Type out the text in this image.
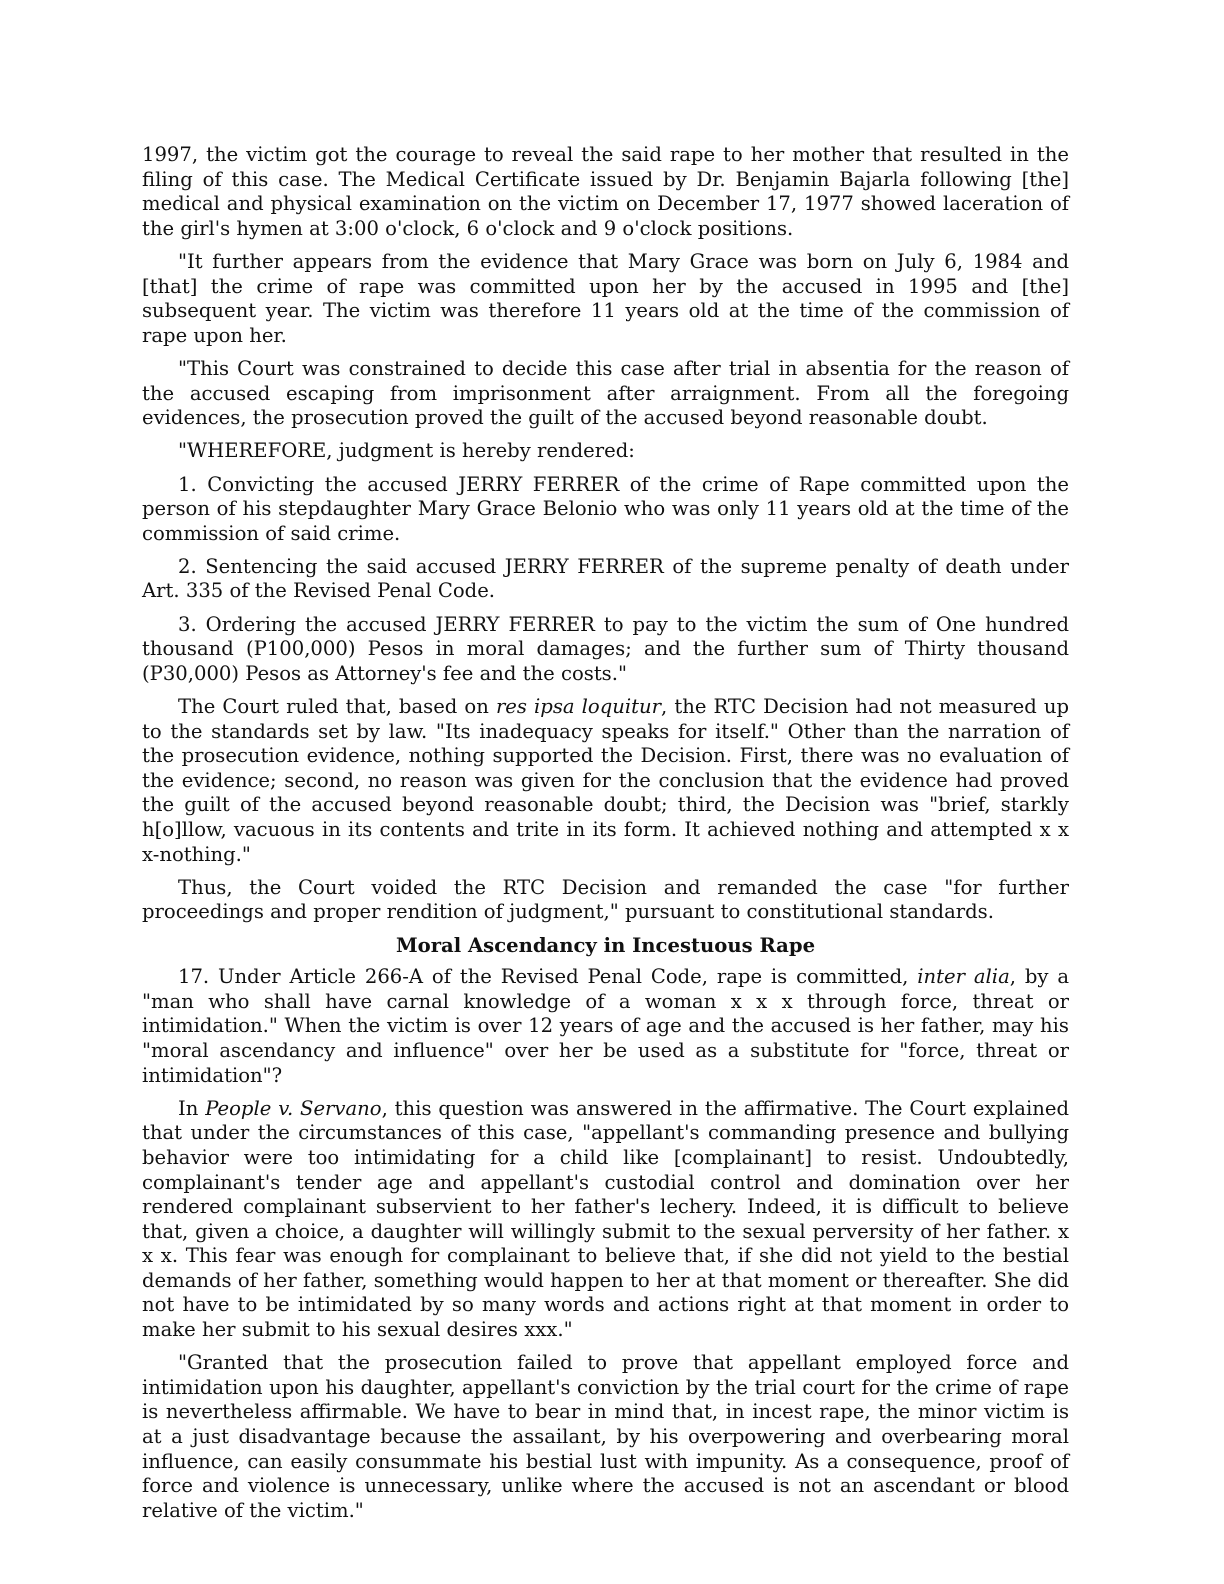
1997, the victim got the courage to reveal the said rape to her mother that resulted in the filing of this case. The Medical Certificate issued by Dr. Benjamin Bajarla following [the] medical and physical examination on the victim on December 17, 1977 showed laceration of the girl's hymen at 3:00 o'clock, 6 o'clock and 9 o'clock positions.

"It further appears from the evidence that Mary Grace was born on July 6, 1984 and [that] the crime of rape was committed upon her by the accused in 1995 and [the] subsequent year. The victim was therefore 11 years old at the time of the commission of rape upon her.

"This Court was constrained to decide this case after trial in absentia for the reason of the accused escaping from imprisonment after arraignment. From all the foregoing evidences, the prosecution proved the guilt of the accused beyond reasonable doubt.

"WHEREFORE, judgment is hereby rendered:

1. Convicting the accused JERRY FERRER of the crime of Rape committed upon the person of his stepdaughter Mary Grace Belonio who was only 11 years old at the time of the commission of said crime.

2. Sentencing the said accused JERRY FERRER of the supreme penalty of death under Art. 335 of the Revised Penal Code.

3. Ordering the accused JERRY FERRER to pay to the victim the sum of One hundred thousand (P100,000) Pesos in moral damages; and the further sum of Thirty thousand (P30,000) Pesos as Attorney's fee and the costs."

The Court ruled that, based on res ipsa loquitur, the RTC Decision had not measured up to the standards set by law. "Its inadequacy speaks for itself." Other than the narration of the prosecution evidence, nothing supported the Decision. First, there was no evaluation of the evidence; second, no reason was given for the conclusion that the evidence had proved the guilt of the accused beyond reasonable doubt; third, the Decision was "brief, starkly h[o]llow, vacuous in its contents and trite in its form. It achieved nothing and attempted x x x-nothing."

Thus, the Court voided the RTC Decision and remanded the case "for further proceedings and proper rendition of judgment," pursuant to constitutional standards.

Moral Ascendancy in Incestuous Rape

17. Under Article 266-A of the Revised Penal Code, rape is committed, inter alia, by a "man who shall have carnal knowledge of a woman x x x through force, threat or intimidation." When the victim is over 12 years of age and the accused is her father, may his "moral ascendancy and influence" over her be used as a substitute for "force, threat or intimidation"?

In People v. Servano, this question was answered in the affirmative. The Court explained that under the circumstances of this case, "appellant's commanding presence and bullying behavior were too intimidating for a child like [complainant] to resist. Undoubtedly, complainant's tender age and appellant's custodial control and domination over her rendered complainant subservient to her father's lechery. Indeed, it is difficult to believe that, given a choice, a daughter will willingly submit to the sexual perversity of her father. x x x. This fear was enough for complainant to believe that, if she did not yield to the bestial demands of her father, something would happen to her at that moment or thereafter. She did not have to be intimidated by so many words and actions right at that moment in order to make her submit to his sexual desires xxx."

"Granted that the prosecution failed to prove that appellant employed force and intimidation upon his daughter, appellant's conviction by the trial court for the crime of rape is nevertheless affirmable. We have to bear in mind that, in incest rape, the minor victim is at a just disadvantage because the assailant, by his overpowering and overbearing moral influence, can easily consummate his bestial lust with impunity. As a consequence, proof of force and violence is unnecessary, unlike where the accused is not an ascendant or blood relative of the victim."
